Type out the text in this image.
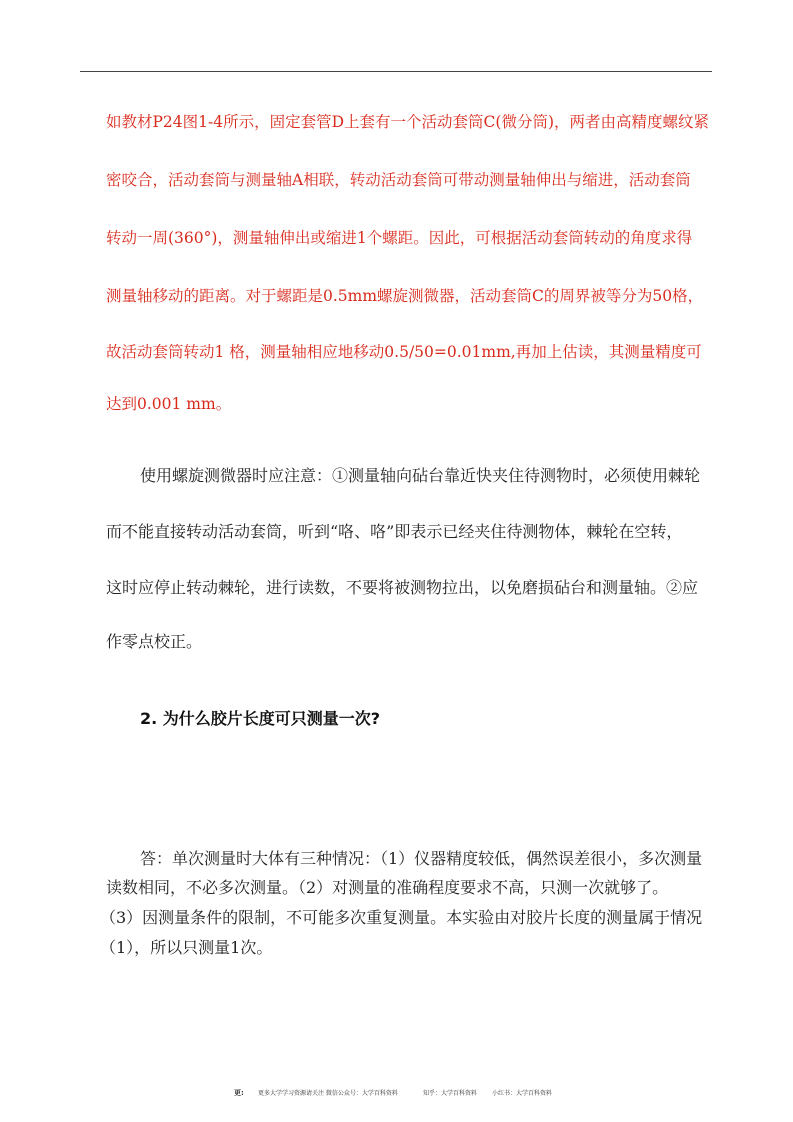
如教材P24图1-4所示，固定套管D上套有一个活动套筒C(微分筒)，两者由高精度螺纹紧
密咬合，活动套筒与测量轴A相联，转动活动套筒可带动测量轴伸出与缩进，活动套筒
转动一周(360°)，测量轴伸出或缩进1个螺距。因此，可根据活动套筒转动的角度求得
测量轴移动的距离。对于螺距是0.5mm螺旋测微器，活动套筒C的周界被等分为50格，
故活动套筒转动1 格，测量轴相应地移动0.5/50=0.01mm,再加上估读，其测量精度可
达到0.001 mm。
使用螺旋测微器时应注意：①测量轴向砧台靠近快夹住待测物时，必须使用棘轮
而不能直接转动活动套筒，听到“咯、咯”即表示已经夹住待测物体，棘轮在空转，
这时应停止转动棘轮，进行读数，不要将被测物拉出，以免磨损砧台和测量轴。②应
作零点校正。
2. 为什么胶片长度可只测量一次?
答：单次测量时大体有三种情况：（1）仪器精度较低，偶然误差很小，多次测量
读数相同，不必多次测量。（2）对测量的准确程度要求不高，只测一次就够了。
（3）因测量条件的限制，不可能多次重复测量。本实验由对胶片长度的测量属于情况
（1），所以只测量1次。
更: 更多大学学习资源请关注 微信公众号：大学百科资料	知乎：大学百科资料 小红书：大学百科资料
